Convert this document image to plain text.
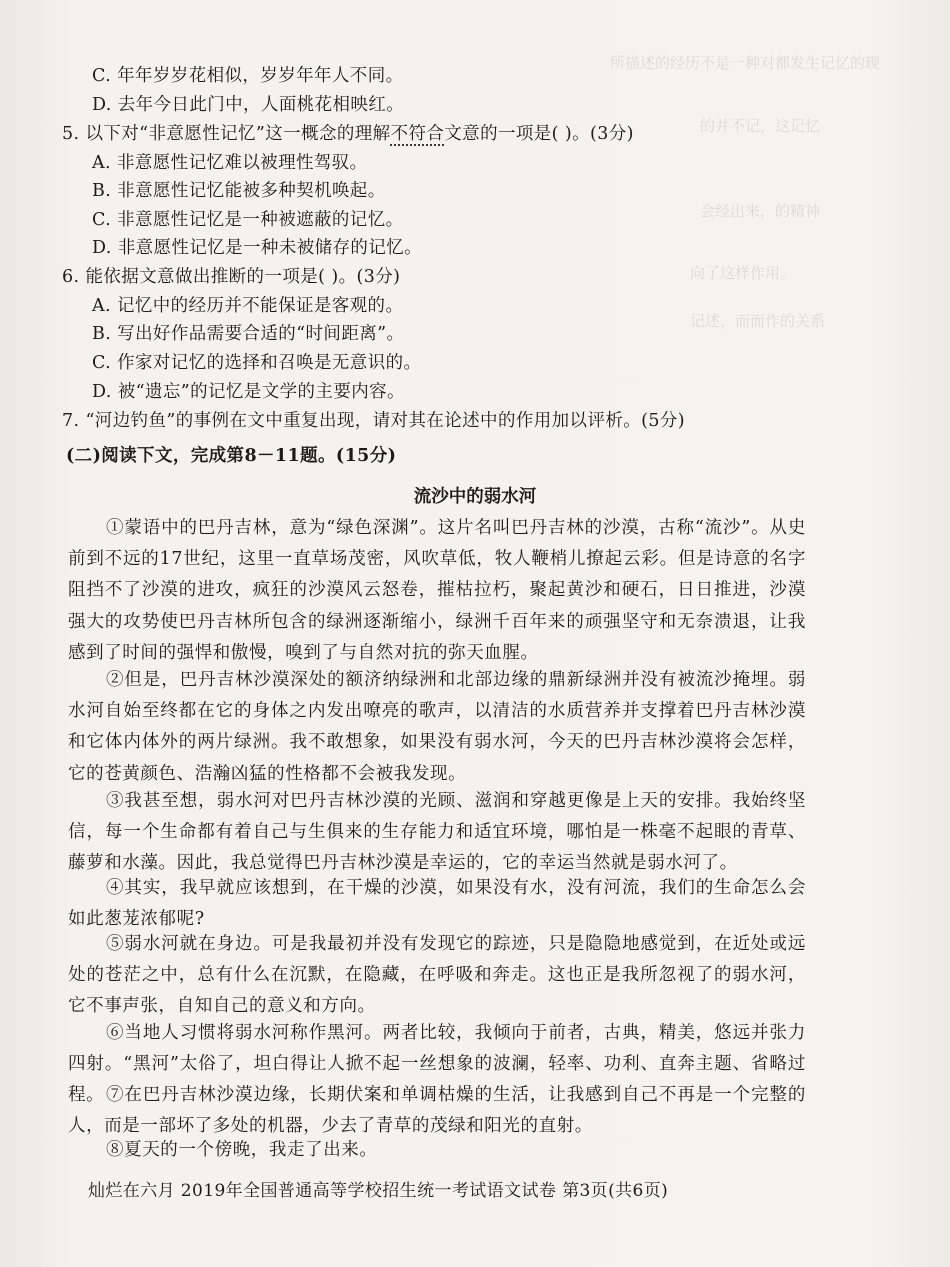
所描述的经历不是一种对都发生记忆的现
的并不记，这记忆
会经出来，的精神
向了这样作用。
记述，而而作的关系
C. 年年岁岁花相似，岁岁年年人不同。
D. 去年今日此门中，人面桃花相映红。
5. 以下对“非意愿性记忆”这一概念的理解不符合文意的一项是( )。(3分)
A. 非意愿性记忆难以被理性驾驭。
B. 非意愿性记忆能被多种契机唤起。
C. 非意愿性记忆是一种被遮蔽的记忆。
D. 非意愿性记忆是一种未被储存的记忆。
6. 能依据文意做出推断的一项是( )。(3分)
A. 记忆中的经历并不能保证是客观的。
B. 写出好作品需要合适的“时间距离”。
C. 作家对记忆的选择和召唤是无意识的。
D. 被“遗忘”的记忆是文学的主要内容。
7. “河边钓鱼”的事例在文中重复出现，请对其在论述中的作用加以评析。(5分)
(二)阅读下文，完成第8－11题。(15分)
流沙中的弱水河
①蒙语中的巴丹吉林，意为“绿色深渊”。这片名叫巴丹吉林的沙漠，古称“流沙”。从史前到不远的17世纪，这里一直草场茂密，风吹草低，牧人鞭梢儿撩起云彩。但是诗意的名字阻挡不了沙漠的进攻，疯狂的沙漠风云怒卷，摧枯拉朽，聚起黄沙和硬石，日日推进，沙漠强大的攻势使巴丹吉林所包含的绿洲逐渐缩小，绿洲千百年来的顽强坚守和无奈溃退，让我感到了时间的强悍和傲慢，嗅到了与自然对抗的弥天血腥。
②但是，巴丹吉林沙漠深处的额济纳绿洲和北部边缘的鼎新绿洲并没有被流沙掩埋。弱水河自始至终都在它的身体之内发出嘹亮的歌声，以清洁的水质营养并支撑着巴丹吉林沙漠和它体内体外的两片绿洲。我不敢想象，如果没有弱水河，今天的巴丹吉林沙漠将会怎样，它的苍黄颜色、浩瀚凶猛的性格都不会被我发现。
③我甚至想，弱水河对巴丹吉林沙漠的光顾、滋润和穿越更像是上天的安排。我始终坚信，每一个生命都有着自己与生俱来的生存能力和适宜环境，哪怕是一株毫不起眼的青草、藤萝和水藻。因此，我总觉得巴丹吉林沙漠是幸运的，它的幸运当然就是弱水河了。
④其实，我早就应该想到，在干燥的沙漠，如果没有水，没有河流，我们的生命怎么会如此葱茏浓郁呢?
⑤弱水河就在身边。可是我最初并没有发现它的踪迹，只是隐隐地感觉到，在近处或远处的苍茫之中，总有什么在沉默，在隐藏，在呼吸和奔走。这也正是我所忽视了的弱水河，它不事声张，自知自己的意义和方向。
⑥当地人习惯将弱水河称作黑河。两者比较，我倾向于前者，古典，精美，悠远并张力四射。“黑河”太俗了，坦白得让人掀不起一丝想象的波澜，轻率、功利、直奔主题、省略过程。 ⑦在巴丹吉林沙漠边缘，长期伏案和单调枯燥的生活，让我感到自己不再是一个完整的人，而是一部坏了多处的机器，少去了青草的茂绿和阳光的直射。
⑧夏天的一个傍晚，我走了出来。
灿烂在六月 2019年全国普通高等学校招生统一考试语文试卷 第3页(共6页)
